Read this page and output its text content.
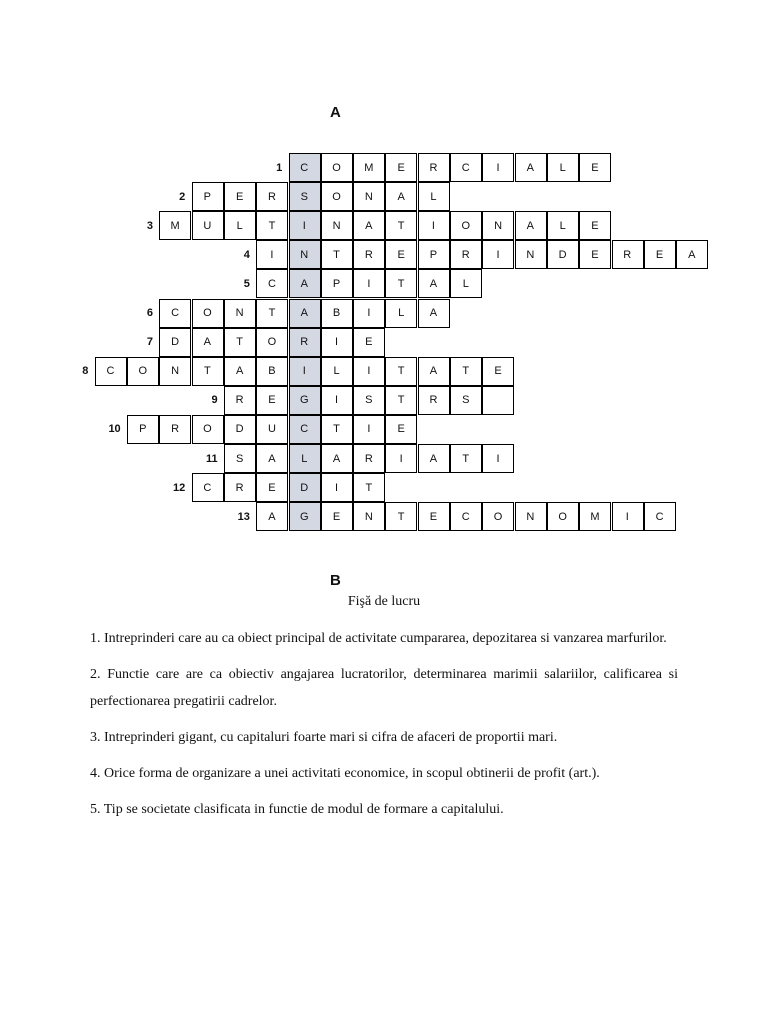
A
1	C	O	M	E	R	C	I	A	L	E
2	P	E	R	S	O	N	A	L
3	M	U	L	T	I	N	A	T	I	O	N	A	L	E
4	I	N	T	R	E	P	R	I	N	D	E	R	E	A
5	C	A	P	I	T	A	L
6	C	O	N	T	A	B	I	L	A
7	D	A	T	O	R	I	E
8	C	O	N	T	A	B	I	L	I	T	A	T	E
9	R	E	G	I	S	T	R	S
10	P	R	O	D	U	C	T	I	E
11	S	A	L	A	R	I	A	T	I
12	C	R	E	D	I	T
13	A	G	E	N	T	E	C	O	N	O	M	I	C
B
Fişă de lucru

1. Intreprinderi care au ca obiect principal de activitate cumpararea, depozitarea si vanzarea marfurilor.

2. Functie care are ca obiectiv angajarea lucratorilor, determinarea marimii salariilor, calificarea si perfectionarea pregatirii cadrelor.

3. Intreprinderi gigant, cu capitaluri foarte mari si cifra de afaceri de proportii mari.

4. Orice forma de organizare a unei activitati economice, in scopul obtinerii de profit (art.).

5. Tip se societate clasificata in functie de modul de formare a capitalului.
